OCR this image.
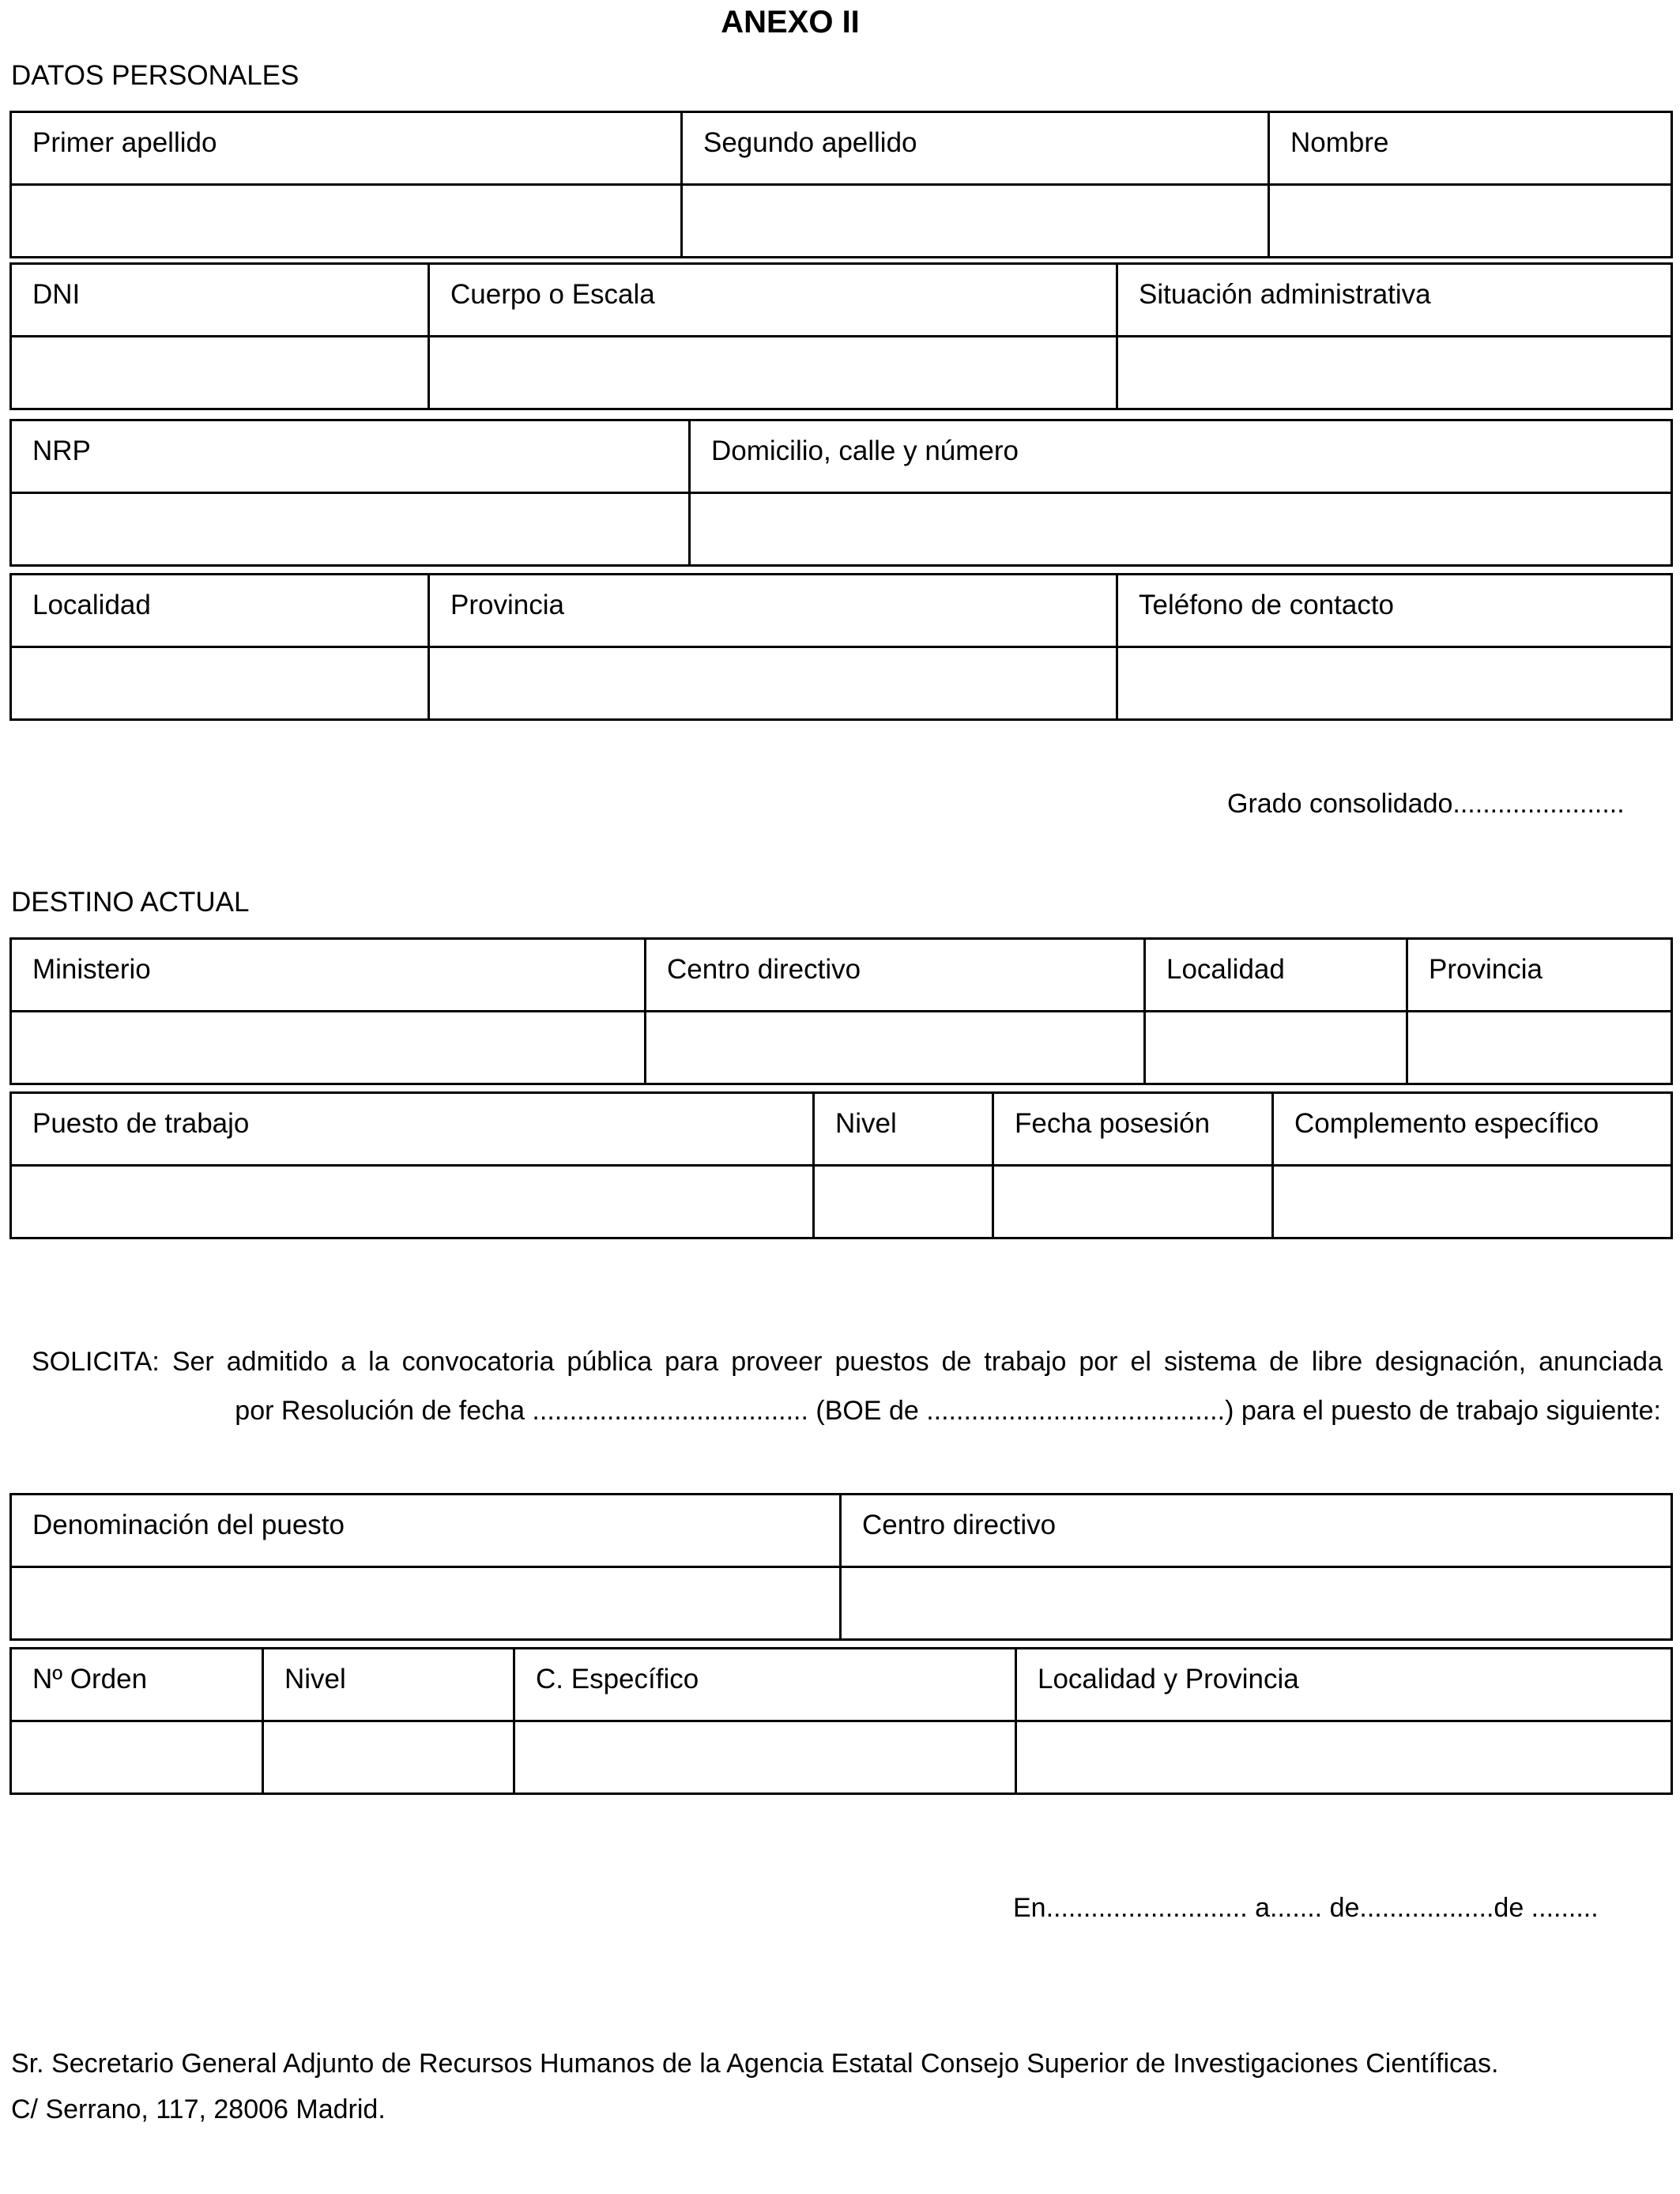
ANEXO II
DATOS PERSONALES
Primer apellido	Segundo apellido	Nombre

DNI	Cuerpo o Escala	Situación administrativa

NRP	Domicilio, calle y número

Localidad	Provincia	Teléfono de contacto

Grado consolidado.......................
DESTINO ACTUAL
Ministerio	Centro directivo	Localidad	Provincia

Puesto de trabajo	Nivel	Fecha posesión	Complemento específico

SOLICITA: Ser admitido a la convocatoria pública para proveer puestos de trabajo por el sistema de libre designación, anunciada
por Resolución de fecha ..................................... (BOE de ........................................) para el puesto de trabajo siguiente:
Denominación del puesto	Centro directivo

Nº Orden	Nivel	C. Específico	Localidad y Provincia

En........................... a....... de..................de .........
Sr. Secretario General Adjunto de Recursos Humanos de la Agencia Estatal Consejo Superior de Investigaciones Científicas.
C/ Serrano, 117, 28006 Madrid.
